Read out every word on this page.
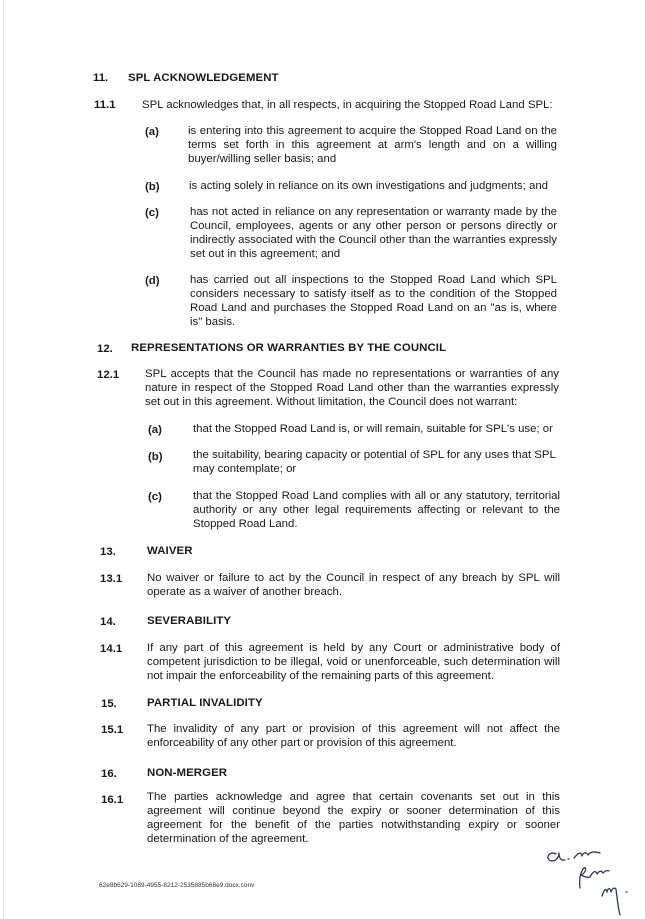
11. SPL ACKNOWLEDGEMENT
11.1 SPL acknowledges that, in all respects, in acquiring the Stopped Road Land SPL:
(a)	is entering into this agreement to acquire the Stopped Road Land on the terms set forth in this agreement at arm's length and on a willing buyer/willing seller basis; and
(b)	is acting solely in reliance on its own investigations and judgments; and
(c)	has not acted in reliance on any representation or warranty made by the Council, employees, agents or any other person or persons directly or indirectly associated with the Council other than the warranties expressly set out in this agreement; and
(d)	has carried out all inspections to the Stopped Road Land which SPL considers necessary to satisfy itself as to the condition of the Stopped Road Land and purchases the Stopped Road Land on an "as is, where is" basis.
12. REPRESENTATIONS OR WARRANTIES BY THE COUNCIL
12.1 SPL accepts that the Council has made no representations or warranties of any nature in respect of the Stopped Road Land other than the warranties expressly set out in this agreement. Without limitation, the Council does not warrant:
(a)	that the Stopped Road Land is, or will remain, suitable for SPL's use; or
(b)	the suitability, bearing capacity or potential of SPL for any uses that SPL may contemplate; or
(c)	that the Stopped Road Land complies with all or any statutory, territorial authority or any other legal requirements affecting or relevant to the Stopped Road Land.
13.	WAIVER
13.1 No waiver or failure to act by the Council in respect of any breach by SPL will operate as a waiver of another breach.
14.	SEVERABILITY
14.1 If any part of this agreement is held by any Court or administrative body of competent jurisdiction to be illegal, void or unenforceable, such determination will not impair the enforceability of the remaining parts of this agreement.
15.	PARTIAL INVALIDITY
15.1 The invalidity of any part or provision of this agreement will not affect the enforceability of any other part or provision of this agreement.
16.	NON-MERGER
16.1 The parties acknowledge and agree that certain covenants set out in this agreement will continue beyond the expiry or sooner determination of this agreement for the benefit of the parties notwithstanding expiry or sooner determination of the agreement.
62e8b629-1089-4955-8212-2535885b68e9.docx.conv
